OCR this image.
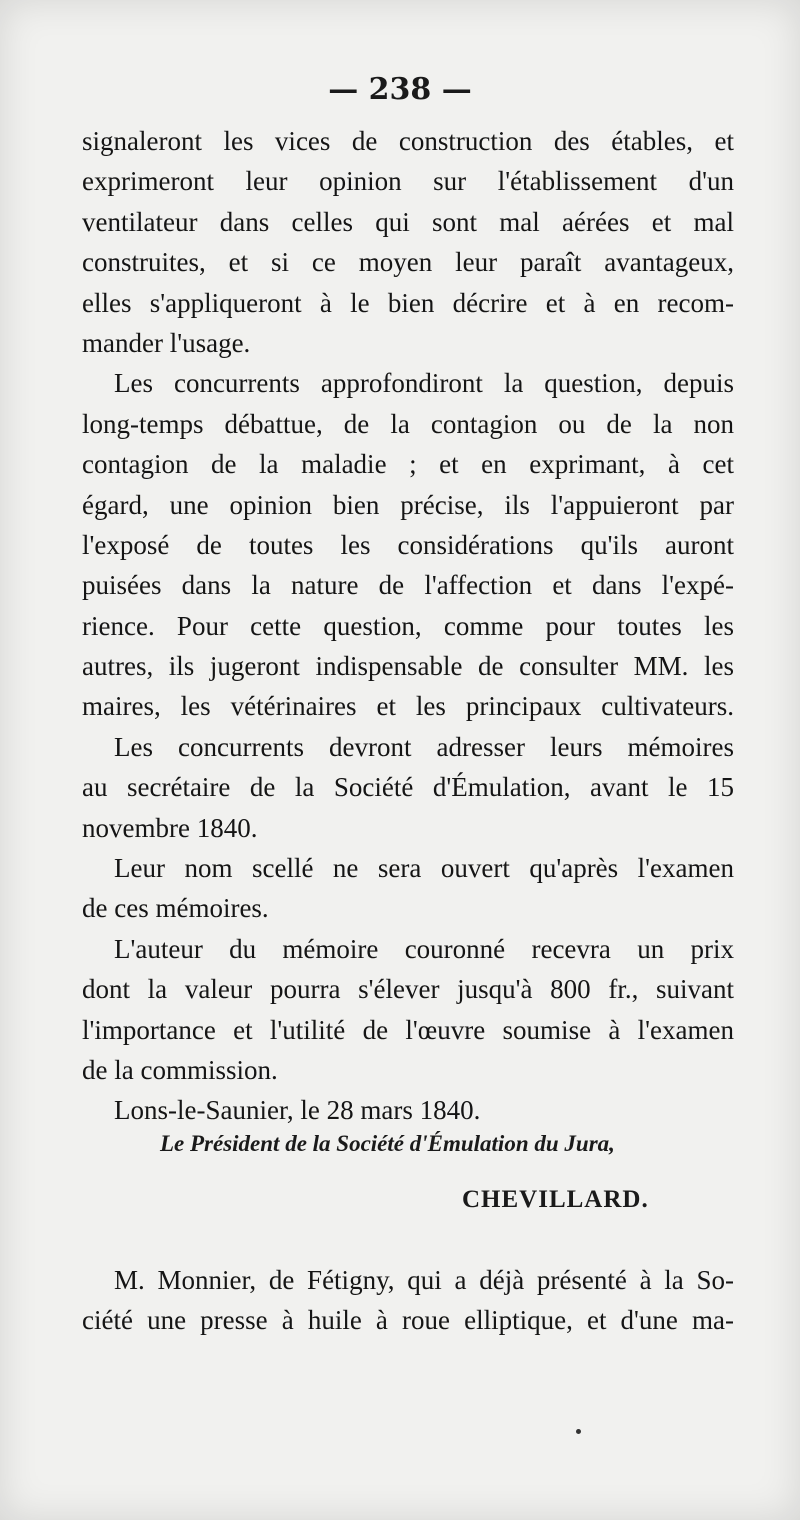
— 238 —
signaleront les vices de construction des étables, et
exprimeront leur opinion sur l'établissement d'un
ventilateur dans celles qui sont mal aérées et mal
construites, et si ce moyen leur paraît avantageux,
elles s'appliqueront à le bien décrire et à en recom-
mander l'usage.
Les concurrents approfondiront la question, depuis
long-temps débattue, de la contagion ou de la non
contagion de la maladie ; et en exprimant, à cet
égard, une opinion bien précise, ils l'appuieront par
l'exposé de toutes les considérations qu'ils auront
puisées dans la nature de l'affection et dans l'expé-
rience. Pour cette question, comme pour toutes les
autres, ils jugeront indispensable de consulter MM. les
maires, les vétérinaires et les principaux cultivateurs.
Les concurrents devront adresser leurs mémoires
au secrétaire de la Société d'Émulation, avant le 15
novembre 1840.
Leur nom scellé ne sera ouvert qu'après l'examen
de ces mémoires.
L'auteur du mémoire couronné recevra un prix
dont la valeur pourra s'élever jusqu'à 800 fr., suivant
l'importance et l'utilité de l'œuvre soumise à l'examen
de la commission.
Lons-le-Saunier, le 28 mars 1840.
Le Président de la Société d'Émulation du Jura,
CHEVILLARD.
M. Monnier, de Fétigny, qui a déjà présenté à la So-
ciété une presse à huile à roue elliptique, et d'une ma-
